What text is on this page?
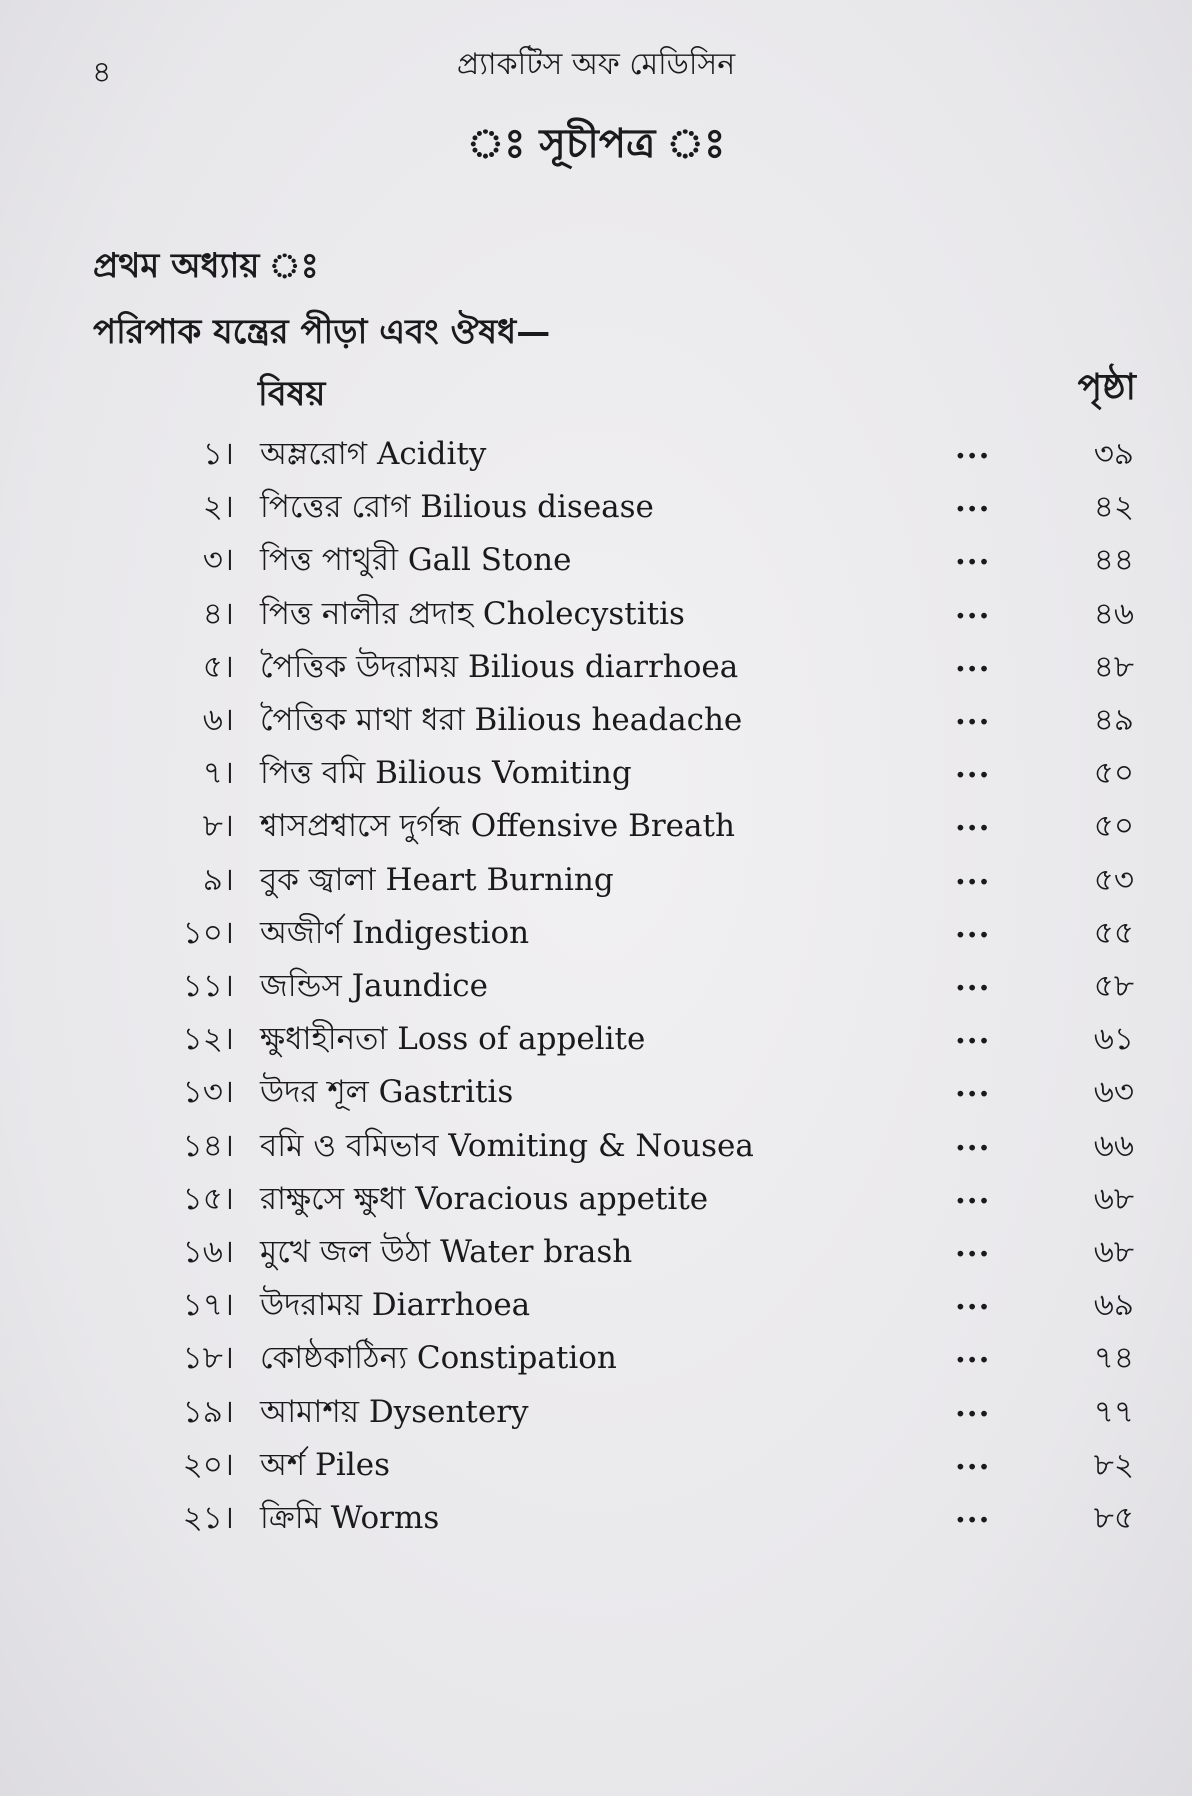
৪	প্র্যাকটিস অফ মেডিসিন
ঃ সূচীপত্র ঃ
প্রথম অধ্যায় ঃ
পরিপাক যন্ত্রের পীড়া এবং ঔষধ—
বিষয়	পৃষ্ঠা
১। অম্লরোগ Acidity	...	৩৯
২। পিত্তের রোগ Bilious disease	...	৪২
৩। পিত্ত পাথুরী Gall Stone	...	৪৪
৪। পিত্ত নালীর প্রদাহ Cholecystitis	...	৪৬
৫। পৈত্তিক উদরাময় Bilious diarrhoea	...	৪৮
৬। পৈত্তিক মাথা ধরা Bilious headache	...	৪৯
৭। পিত্ত বমি Bilious Vomiting	...	৫০
৮। শ্বাসপ্রশ্বাসে দুর্গন্ধ Offensive Breath	...	৫০
৯। বুক জ্বালা Heart Burning	...	৫৩
১০। অজীর্ণ Indigestion	...	৫৫
১১। জন্ডিস Jaundice	...	৫৮
১২। ক্ষুধাহীনতা Loss of appelite	...	৬১
১৩। উদর শূল Gastritis	...	৬৩
১৪। বমি ও বমিভাব Vomiting & Nousea	...	৬৬
১৫। রাক্ষুসে ক্ষুধা Voracious appetite	...	৬৮
১৬। মুখে জল উঠা Water brash	...	৬৮
১৭। উদরাময় Diarrhoea	...	৬৯
১৮। কোষ্ঠকাঠিন্য Constipation	...	৭৪
১৯। আমাশয় Dysentery	...	৭৭
২০। অর্শ Piles	...	৮২
২১। ক্রিমি Worms	...	৮৫
